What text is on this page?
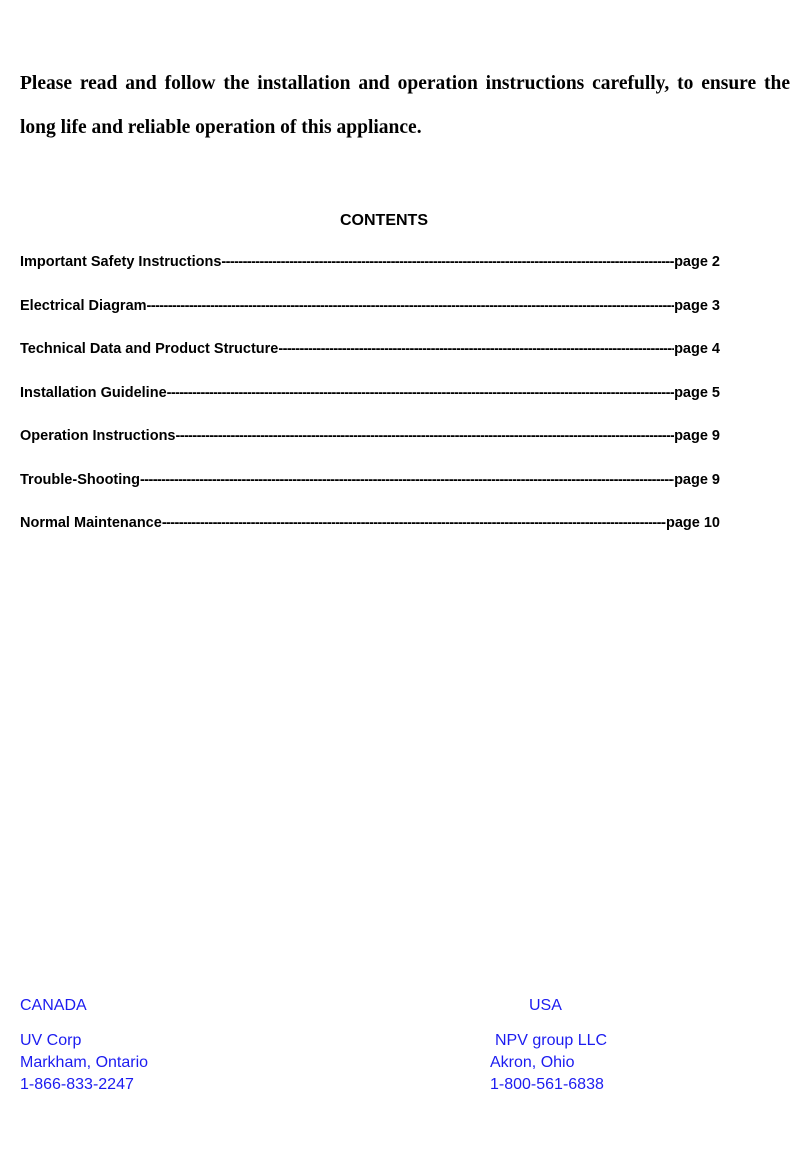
Please read and follow the installation and operation instructions carefully, to ensure the long life and reliable operation of this appliance.

CONTENTS
Important Safety Instructions -----	page 2
Electrical Diagram -----	page 3
Technical Data and Product Structure -----	page 4
Installation Guideline -----	page 5
Operation Instructions -----	page 9
Trouble-Shooting -----	page 9
Normal Maintenance -----	page 10
CANADA
UV Corp
Markham, Ontario
1-866-833-2247
USA
NPV group LLC
Akron, Ohio
1-800-561-6838
